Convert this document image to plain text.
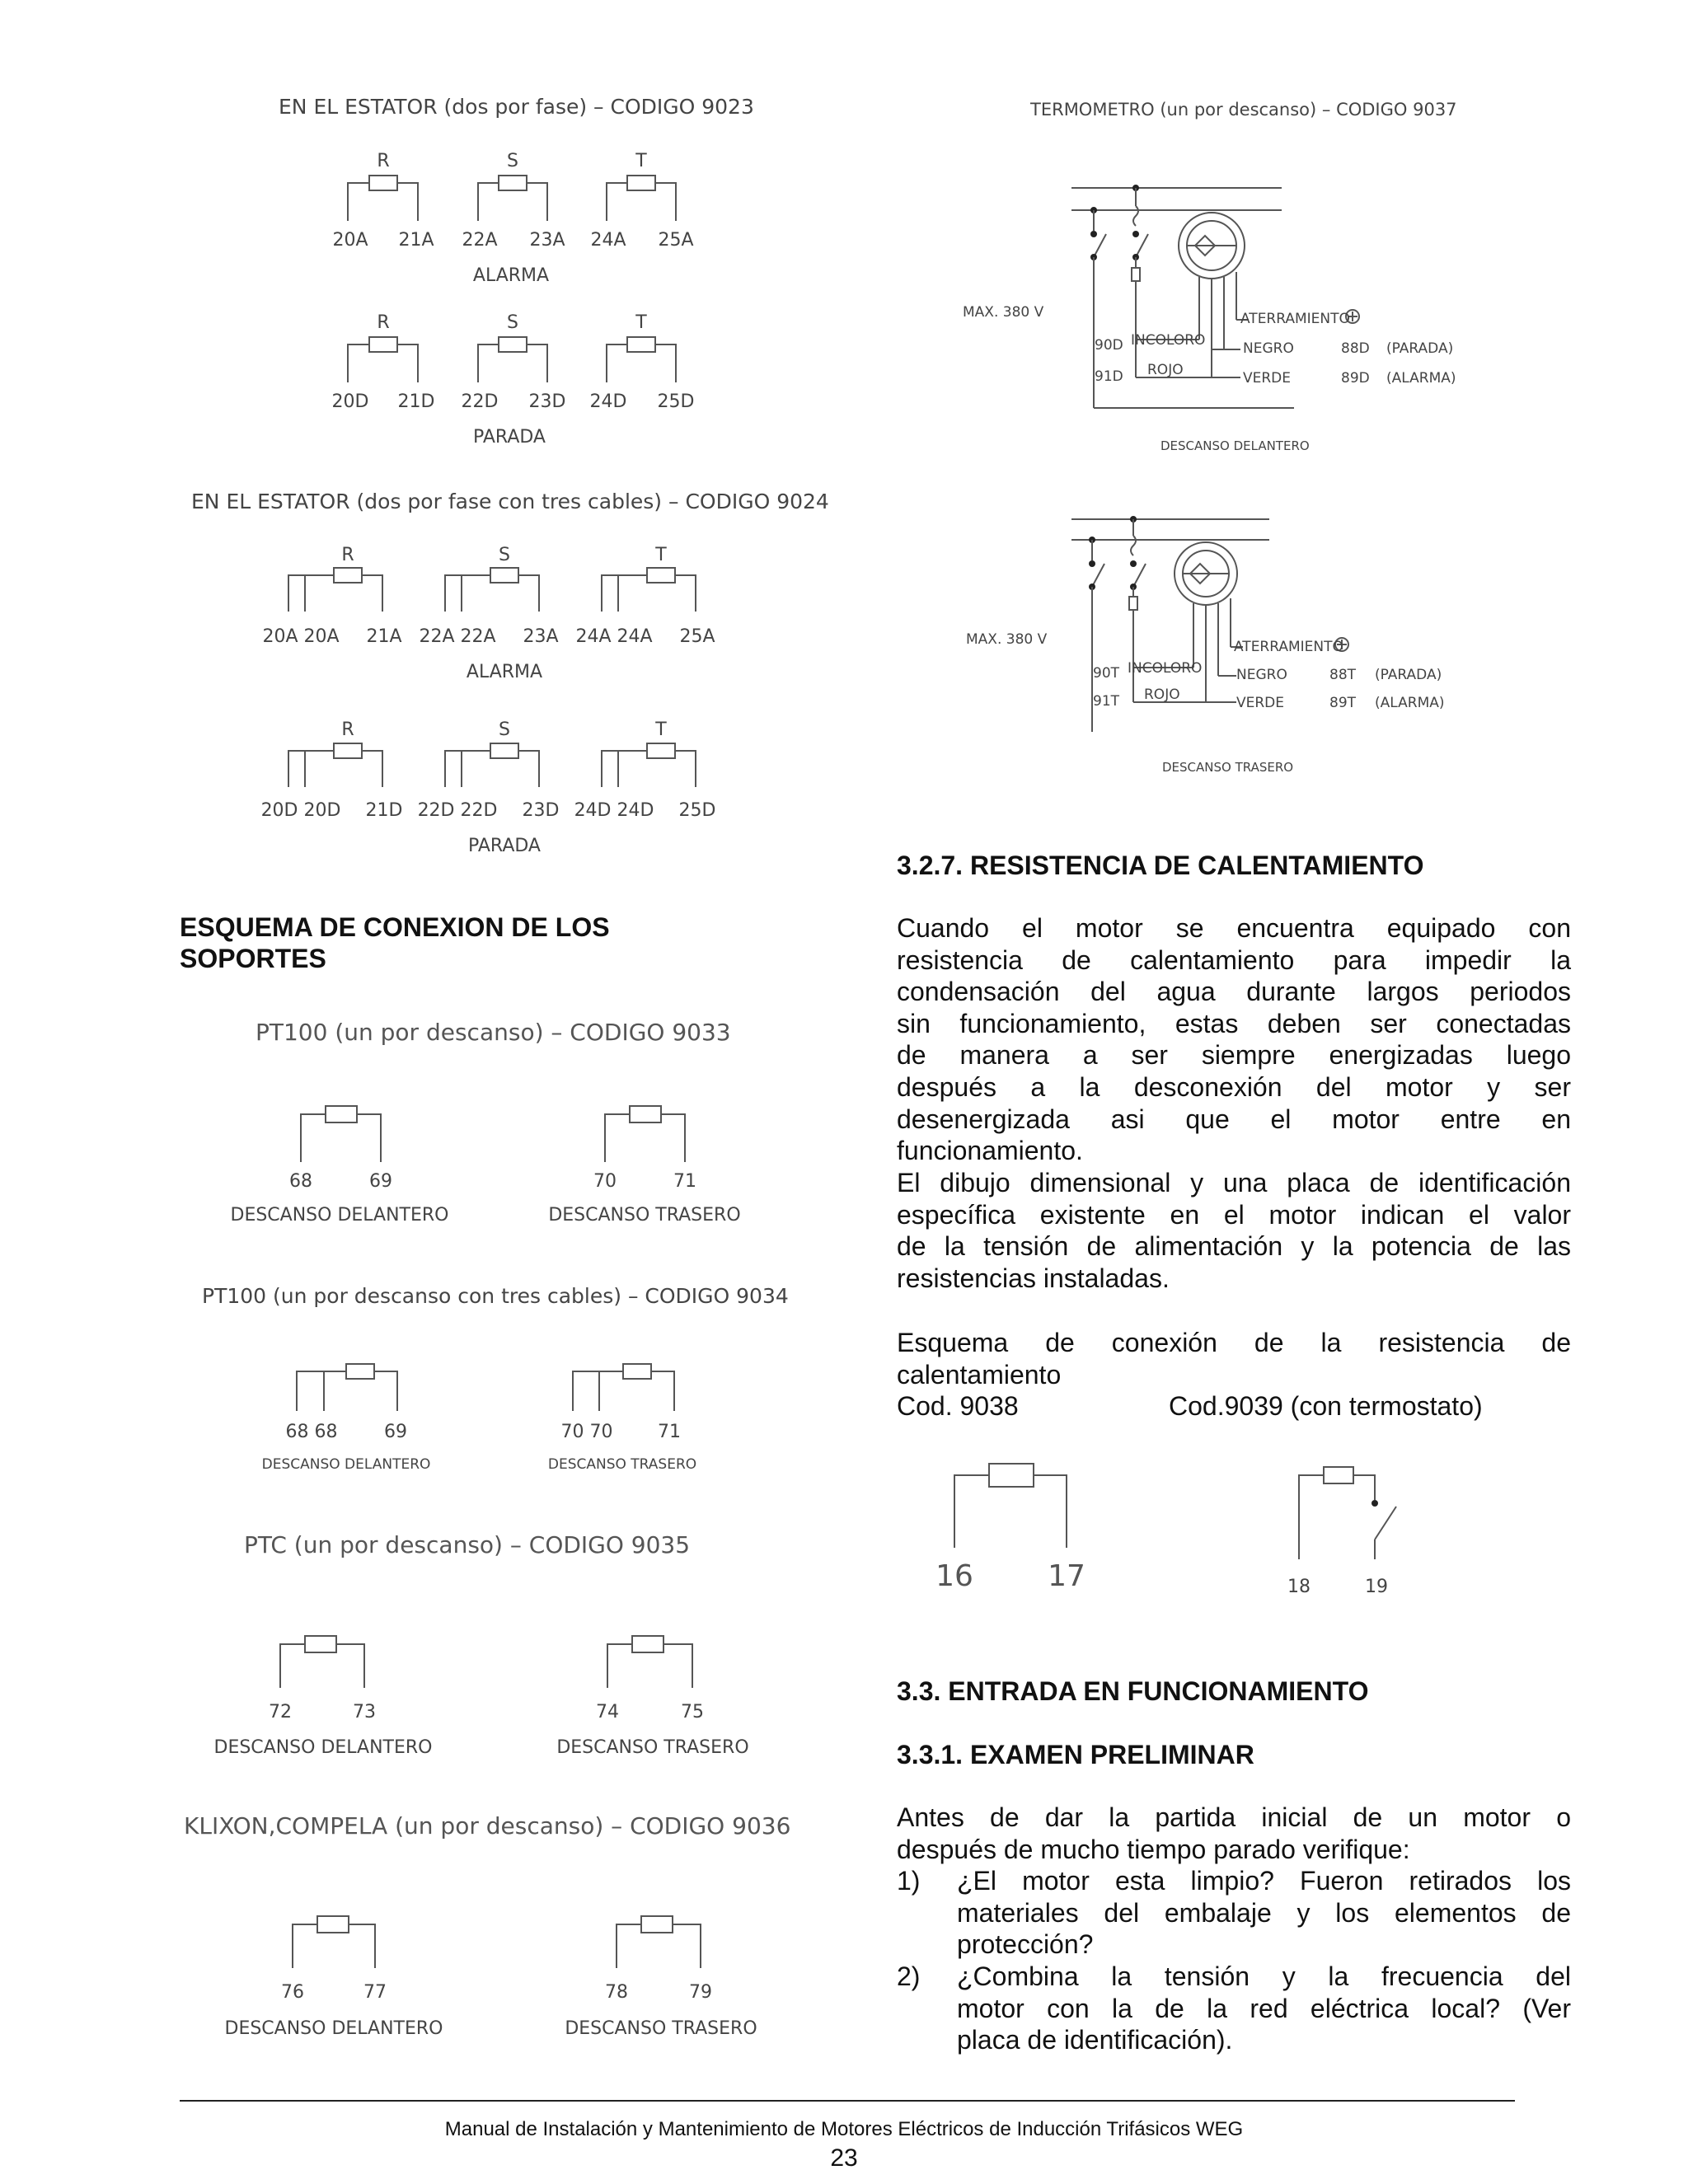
EN EL ESTATOR (dos por fase) – CODIGO 9023
R	S	T
20A 21A 22A 23A 24A 25A
ALARMA
R	S	T
20D 21D 22D 23D 24D 25D
PARADA
EN EL ESTATOR (dos por fase con tres cables) – CODIGO 9024
R	S	T
20A 20A 21A 22A 22A 23A 24A 24A 25A
ALARMA
R	S	T
20D 20D 21D 22D 22D 23D 24D 24D 25D
PARADA
PT100 (un por descanso) – CODIGO 9033
68	69
DESCANSO DELANTERO
70	71
DESCANSO TRASERO
PT100 (un por descanso con tres cables) – CODIGO 9034
68 68	69
DESCANSO DELANTERO
70 70 71
DESCANSO TRASERO
PTC (un por descanso) – CODIGO 9035
72	73
DESCANSO DELANTERO
74	75
DESCANSO TRASERO
KLIXON,COMPELA (un por descanso) – CODIGO 9036
76	77
DESCANSO DELANTERO
78	79
DESCANSO TRASERO
TERMOMETRO (un por descanso) – CODIGO 9037
MAX. 380 V
90D
91D
INCOLORO
ROJO
ATERRAMIENTO
NEGRO
VERDE
88D
89D
(PARADA)
(ALARMA)
DESCANSO DELANTERO
MAX. 380 V
90T
91T
INCOLORO
ROJO
ATERRAMIENTO
NEGRO
VERDE
88T
89T
(PARADA)
(ALARMA)
DESCANSO TRASERO
16	17	18	19
ESQUEMA DE CONEXION DE LOS
SOPORTES
3.2.7. RESISTENCIA DE CALENTAMIENTO
Cuando el motor se encuentra equipado con
resistencia de calentamiento para impedir la
condensación del agua durante largos periodos
sin funcionamiento, estas deben ser conectadas
de manera a ser siempre energizadas luego
después a la desconexión del motor y ser
desenergizada asi que el motor entre en
funcionamiento.
El dibujo dimensional y una placa de identificación
específica existente en el motor indican el valor
de la tensión de alimentación y la potencia de las
resistencias instaladas.
Esquema de conexión de la resistencia de
calentamiento
Cod. 9038	Cod.9039 (con termostato)
3.3. ENTRADA EN FUNCIONAMIENTO
3.3.1. EXAMEN PRELIMINAR
Antes de dar la partida inicial de un motor o
después de mucho tiempo parado verifique:
1) ¿El motor esta limpio? Fueron retirados los
materiales del embalaje y los elementos de
protección?
2) ¿Combina la tensión y la frecuencia del
motor con la de la red eléctrica local? (Ver
placa de identificación).
Manual de Instalación y Mantenimiento de Motores Eléctricos de Inducción Trifásicos WEG
23
